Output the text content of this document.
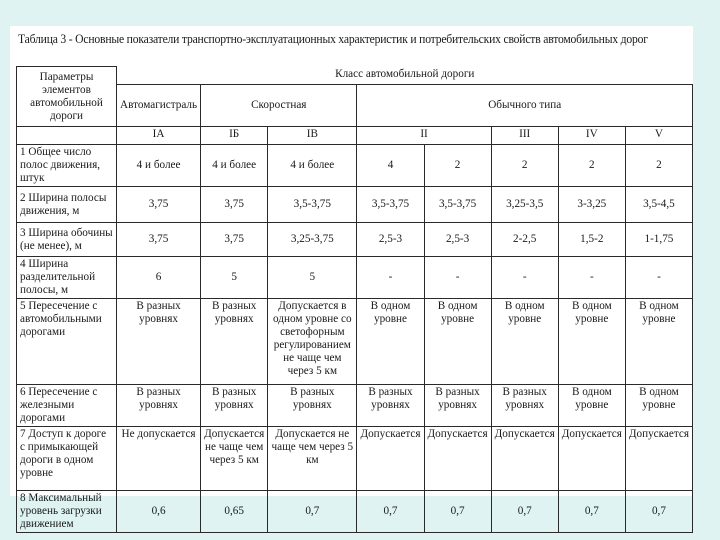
Таблица 3 - Основные показатели транспортно-эксплуатационных характеристик и потребительских свойств автомобильных дорог
Параметры элементов автомобильной дороги	Класс автомобильной дороги							
	Автомагистраль	Скоростная		Обычного типа				
	IA	IБ	IB	II		III	IV	V
1 Общее число полос движения, штук	4 и более	4 и более	4 и более	4	2	2	2	2
2 Ширина полосы движения, м	3,75	3,75	3,5-3,75	3,5-3,75	3,5-3,75	3,25-3,5	3-3,25	3,5-4,5
3 Ширина обочины (не менее), м	3,75	3,75	3,25-3,75	2,5-3	2,5-3	2-2,5	1,5-2	1-1,75
4 Ширина разделительной полосы, м	6	5	5	-	-	-	-	-
5 Пересечение с автомобильными дорогами	В разных уровнях	В разных уровнях	Допускается в одном уровне со светофорным регулированием не чаще чем через 5 км	В одном уровне	В одном уровне	В одном уровне	В одном уровне	В одном уровне
6 Пересечение с железными дорогами	В разных уровнях	В разных уровнях	В разных уровнях	В разных уровнях	В разных уровнях	В разных уровнях	В одном уровне	В одном уровне
7 Доступ к дороге с примыкающей дороги в одном уровне	Не допускается	Допускается не чаще чем через 5 км	Допускается не чаще чем через 5 км	Допускается	Допускается	Допускается	Допускается	Допускается
8 Максимальный уровень загрузки движением	0,6	0,65	0,7	0,7	0,7	0,7	0,7	0,7
